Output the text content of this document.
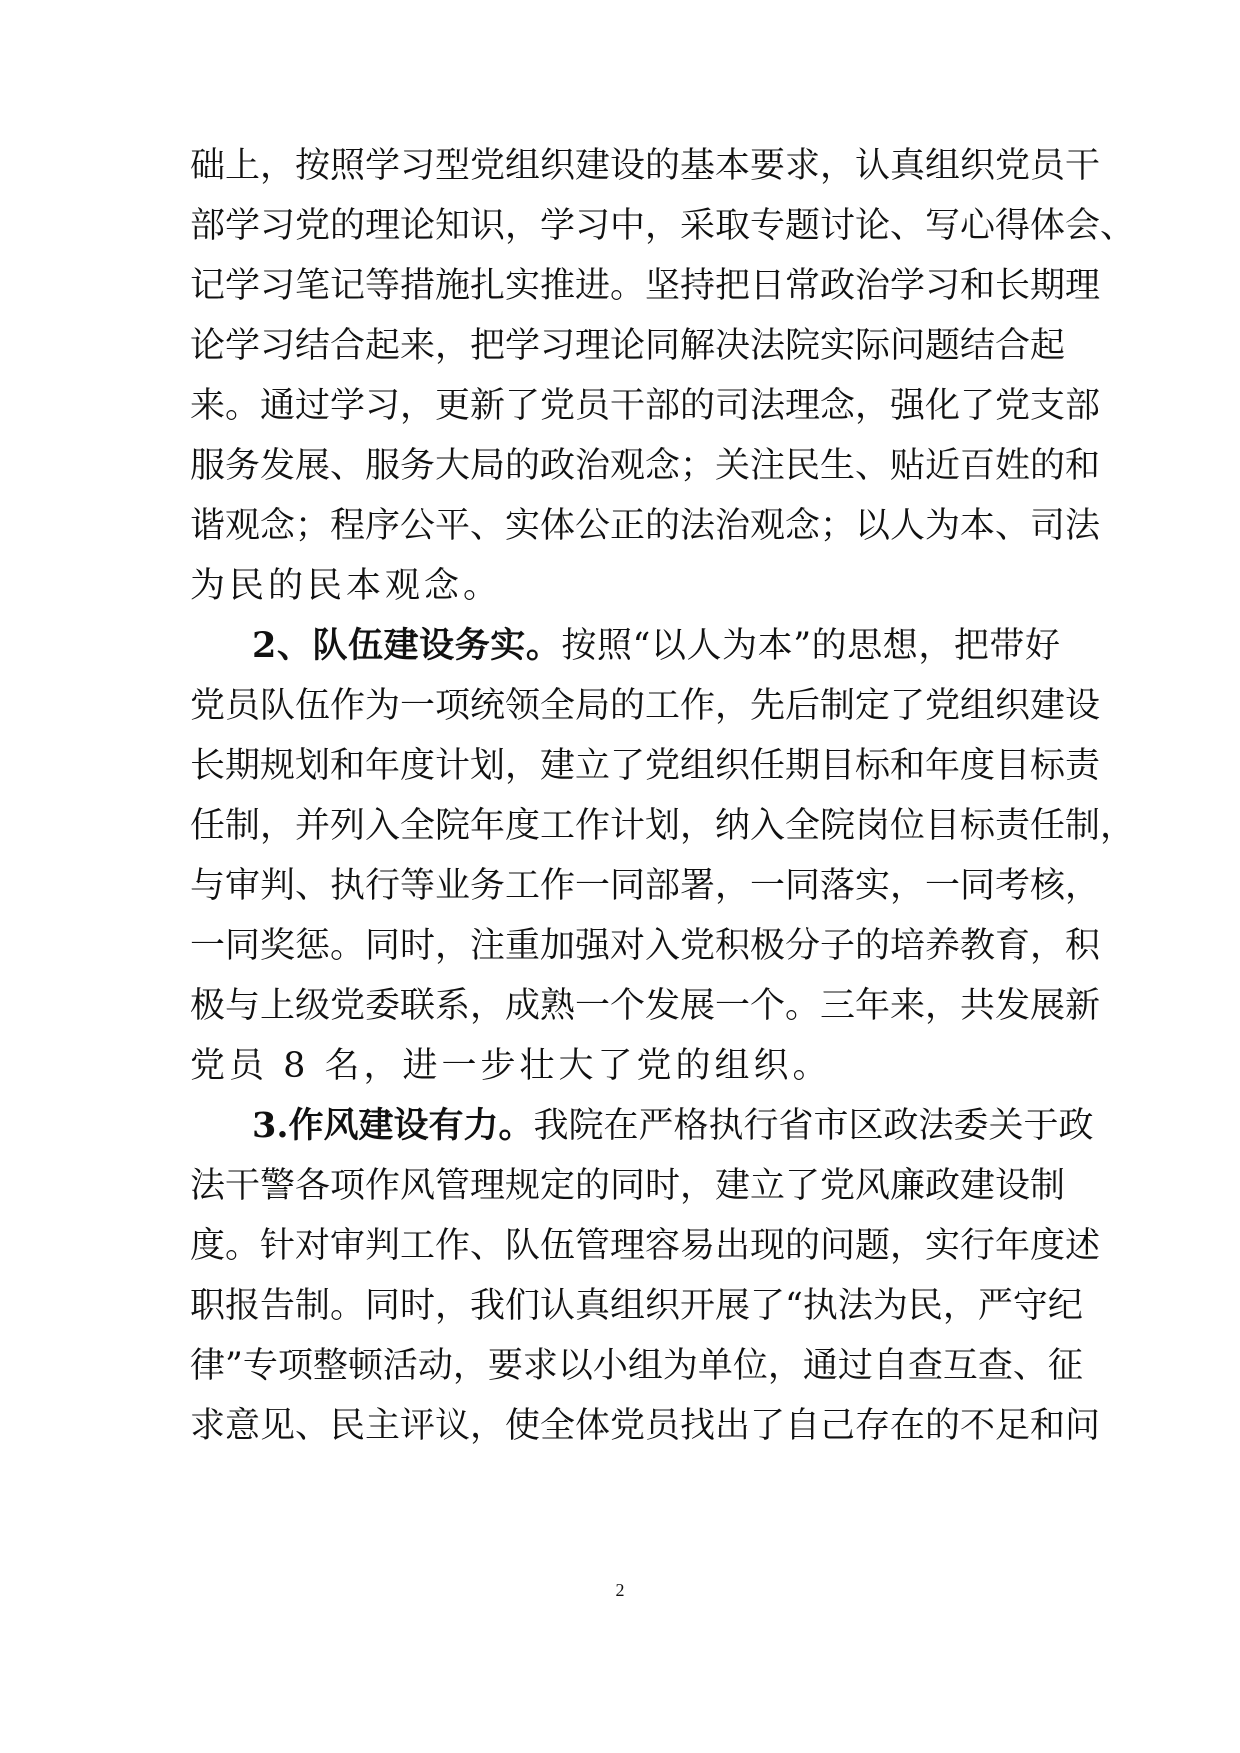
础上，按照学习型党组织建设的基本要求，认真组织党员干
部学习党的理论知识，学习中，采取专题讨论、写心得体会、
记学习笔记等措施扎实推进。坚持把日常政治学习和长期理
论学习结合起来，把学习理论同解决法院实际问题结合起
来。通过学习，更新了党员干部的司法理念，强化了党支部
服务发展、服务大局的政治观念；关注民生、贴近百姓的和
谐观念；程序公平、实体公正的法治观念；以人为本、司法
为民的民本观念。
2、队伍建设务实。按照“以人为本”的思想，把带好
党员队伍作为一项统领全局的工作，先后制定了党组织建设
长期规划和年度计划，建立了党组织任期目标和年度目标责
任制，并列入全院年度工作计划，纳入全院岗位目标责任制，
与审判、执行等业务工作一同部署，一同落实，一同考核，
一同奖惩。同时，注重加强对入党积极分子的培养教育，积
极与上级党委联系，成熟一个发展一个。三年来，共发展新
党员 8 名，进一步壮大了党的组织。
3.作风建设有力。我院在严格执行省市区政法委关于政
法干警各项作风管理规定的同时，建立了党风廉政建设制
度。针对审判工作、队伍管理容易出现的问题，实行年度述
职报告制。同时，我们认真组织开展了“执法为民，严守纪
律”专项整顿活动，要求以小组为单位，通过自查互查、征
求意见、民主评议，使全体党员找出了自己存在的不足和问
2
